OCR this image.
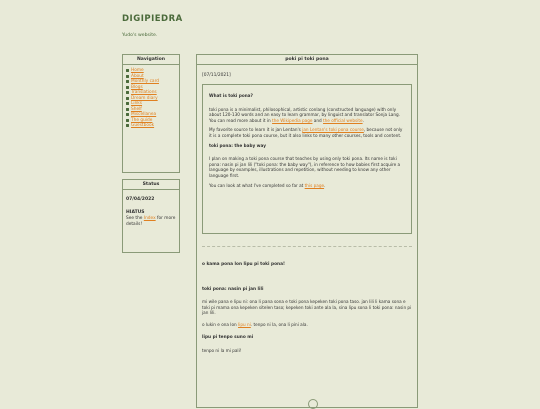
DIGIPIEDRA
Yudo's website.
Navigation
Home
About
Monthly card
Blogs
Translations
Dream diary
Links
Shelf
Miscellanea
The guide
Guestbook
Status
07/04/2022
HIATUS
See the Index for more details!
poki pi toki pona
[07/11/2021]

What is toki pona?

toki pona is a minimalist, philosophical, artistic conlang (constructed language) with only about 120-130 words and an easy to learn grammar, by linguist and translator Sonja Lang. You can read more about it in the Wikipedia page and the official website.

My favorite source to learn it is jan Lentan's jan Lentan's toki pona course, because not only it is a complete toki pona course, but it also links to many other courses, tools and content.

toki pona: the baby way

I plan on making a toki pona course that teaches by using only toki pona. Its name is toki pona: nasin pi jan lili ("toki pona: the baby way"), in reference to how babies first acquire a language by examples, illustrations and repetition, without needing to know any other language first.

You can look at what I've completed so far at this page.

o kama pona lon lipu pi toki pona!
toki pona: nasin pi jan lili
mi wile pana e lipu ni: ona li pana sona e toki pona kepeken toki pona taso. jan lili li kama sona e toki pi mama ona kepeken sitelen taso; kepeken toki ante ala la, sina lipu sona li toki pona: nasin pi jan lili.
o lukin e ona lon lipu ni. tenpo ni la, ona li pini ala.
lipu pi tenpo suno mi
tenpo ni la mi pali!
